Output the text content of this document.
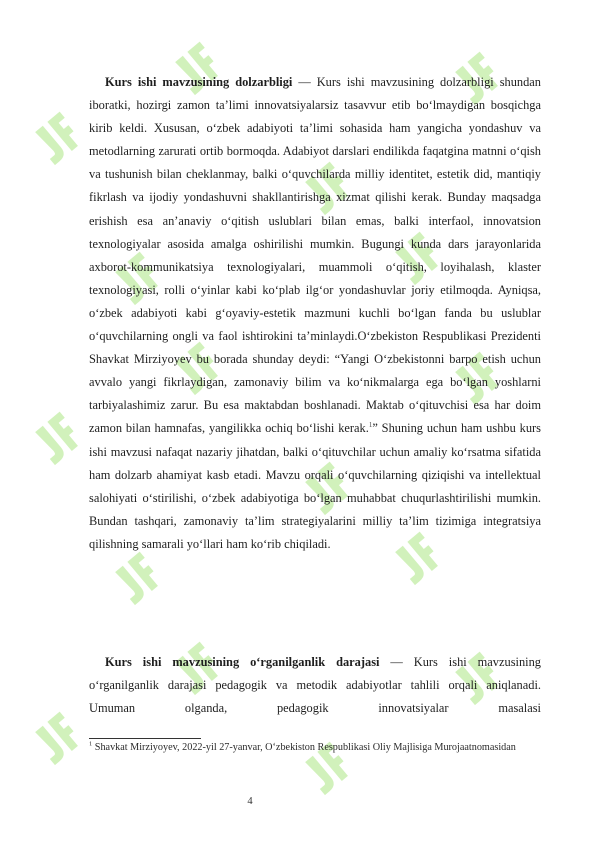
Kurs ishi mavzusining dolzarbligi — Kurs ishi mavzusining dolzarbligi shundan iboratki, hozirgi zamon ta’limi innovatsiyalarsiz tasavvur etib bo‘lmaydigan bosqichga kirib keldi. Xususan, o‘zbek adabiyoti ta’limi sohasida ham yangicha yondashuv va metodlarning zarurati ortib bormoqda. Adabiyot darslari endilikda faqatgina matnni o‘qish va tushunish bilan cheklanmay, balki o‘quvchilarda milliy identitet, estetik did, mantiqiy fikrlash va ijodiy yondashuvni shakllantirishga xizmat qilishi kerak. Bunday maqsadga erishish esa an’anaviy o‘qitish uslublari bilan emas, balki interfaol, innovatsion texnologiyalar asosida amalga oshirilishi mumkin. Bugungi kunda dars jarayonlarida axborot-kommunikatsiya texnologiyalari, muammoli o‘qitish, loyihalash, klaster texnologiyasi, rolli o‘yinlar kabi ko‘plab ilg‘or yondashuvlar joriy etilmoqda. Ayniqsa, o‘zbek adabiyoti kabi g‘oyaviy-estetik mazmuni kuchli bo‘lgan fanda bu uslublar o‘quvchilarning ongli va faol ishtirokini ta’minlaydi.O‘zbekiston Respublikasi Prezidenti Shavkat Mirziyoyev bu borada shunday deydi: “Yangi O‘zbekistonni barpo etish uchun avvalo yangi fikrlaydigan, zamonaviy bilim va ko‘nikmalarga ega bo‘lgan yoshlarni tarbiyalashimiz zarur. Bu esa maktabdan boshlanadi. Maktab o‘qituvchisi esa har doim zamon bilan hamnafas, yangilikka ochiq bo‘lishi kerak.$^1$” Shuning uchun ham ushbu kurs ishi mavzusi nafaqat nazariy jihatdan, balki o‘qituvchilar uchun amaliy ko‘rsatma sifatida ham dolzarb ahamiyat kasb etadi. Mavzu orqali o‘quvchilarning qiziqishi va intellektual salohiyati o‘stirilishi, o‘zbek adabiyotiga bo‘lgan muhabbat chuqurlashtirilishi mumkin. Bundan tashqari, zamonaviy ta’lim strategiyalarini milliy ta’lim tizimiga integratsiya qilishning samarali yo‘llari ham ko‘rib chiqiladi.

Kurs ishi mavzusining o‘rganilganlik darajasi — Kurs ishi mavzusining o‘rganilganlik darajasi pedagogik va metodik adabiyotlar tahlili orqali aniqlanadi. Umuman olganda, pedagogik innovatsiyalar masalasi

$^1$ Shavkat Mirziyoyev, 2022-yil 27-yanvar, O‘zbekiston Respublikasi Oliy Majlisiga Murojaatnomasidan
4
